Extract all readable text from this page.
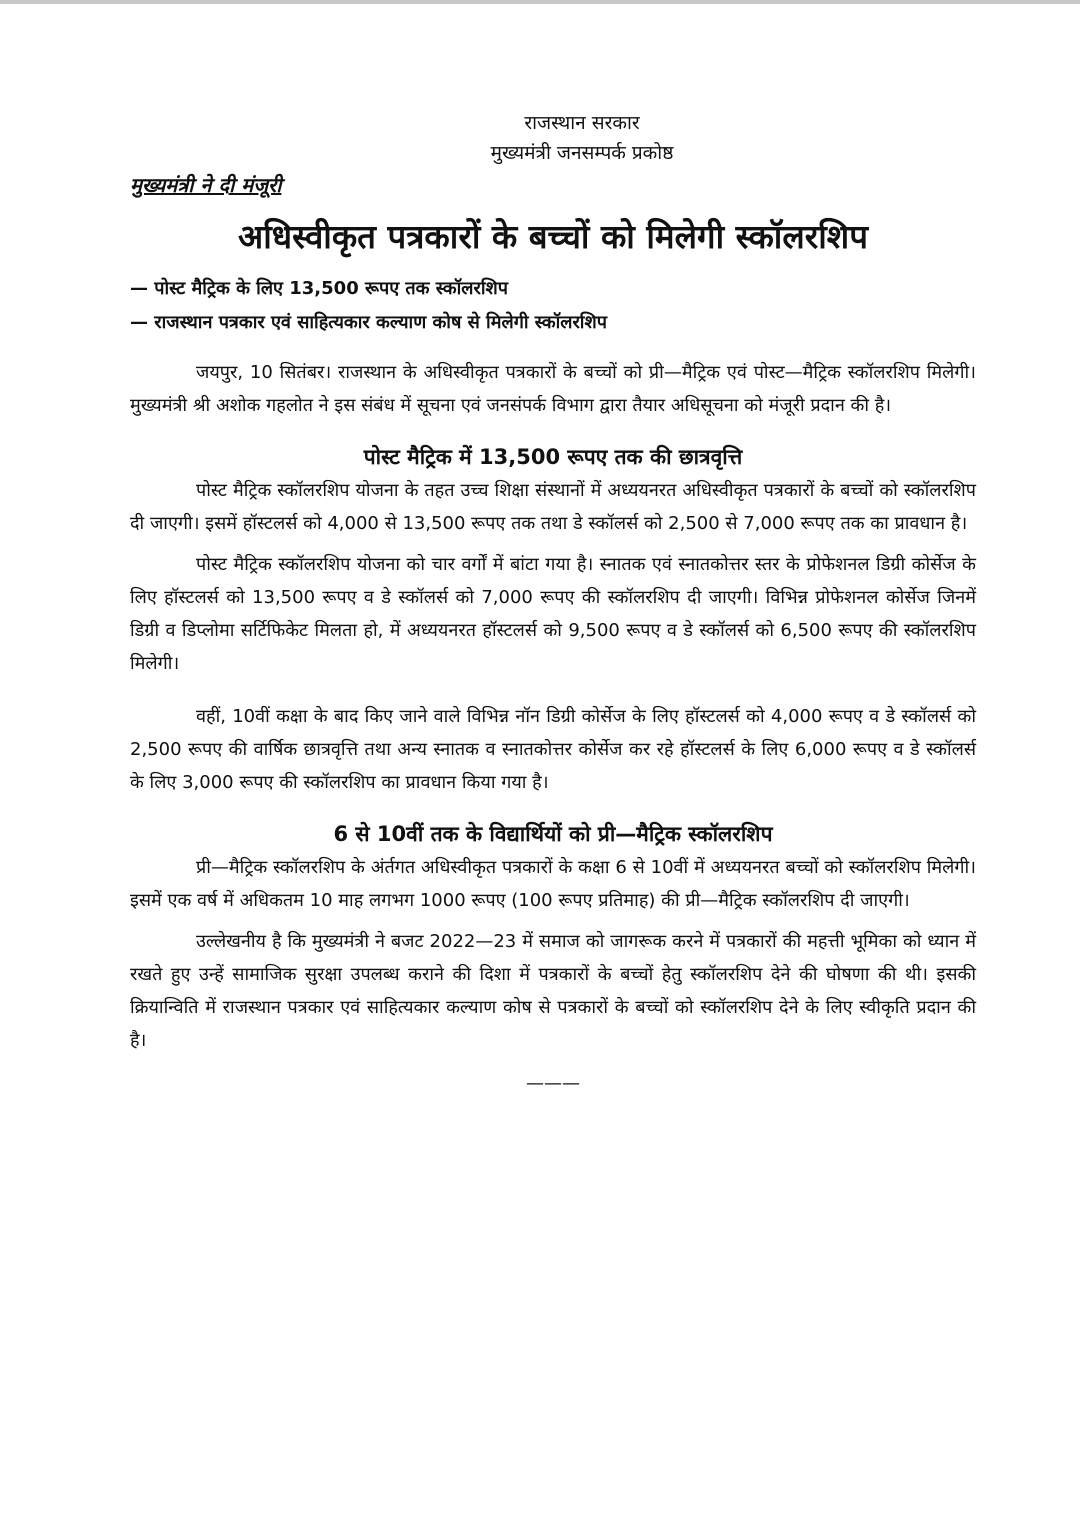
राजस्थान सरकार
मुख्यमंत्री जनसम्पर्क प्रकोष्ठ
मुख्यमंत्री ने दी मंजूरी
अधिस्वीकृत पत्रकारों के बच्चों को मिलेगी स्कॉलरशिप
— पोस्ट मैट्रिक के लिए 13,500 रूपए तक स्कॉलरशिप
— राजस्थान पत्रकार एवं साहित्यकार कल्याण कोष से मिलेगी स्कॉलरशिप

जयपुर, 10 सितंबर। राजस्थान के अधिस्वीकृत पत्रकारों के बच्चों को प्री—मैट्रिक एवं पोस्ट—मैट्रिक स्कॉलरशिप मिलेगी। मुख्यमंत्री श्री अशोक गहलोत ने इस संबंध में सूचना एवं जनसंपर्क विभाग द्वारा तैयार अधिसूचना को मंजूरी प्रदान की है।

पोस्ट मैट्रिक में 13,500 रूपए तक की छात्रवृत्ति

पोस्ट मैट्रिक स्कॉलरशिप योजना के तहत उच्च शिक्षा संस्थानों में अध्ययनरत अधिस्वीकृत पत्रकारों के बच्चों को स्कॉलरशिप दी जाएगी। इसमें हॉस्टलर्स को 4,000 से 13,500 रूपए तक तथा डे स्कॉलर्स को 2,500 से 7,000 रूपए तक का प्रावधान है।

पोस्ट मैट्रिक स्कॉलरशिप योजना को चार वर्गों में बांटा गया है। स्नातक एवं स्नातकोत्तर स्तर के प्रोफेशनल डिग्री कोर्सेज के लिए हॉस्टलर्स को 13,500 रूपए व डे स्कॉलर्स को 7,000 रूपए की स्कॉलरशिप दी जाएगी। विभिन्न प्रोफेशनल कोर्सेज जिनमें डिग्री व डिप्लोमा सर्टिफिकेट मिलता हो, में अध्ययनरत हॉस्टलर्स को 9,500 रूपए व डे स्कॉलर्स को 6,500 रूपए की स्कॉलरशिप मिलेगी।

वहीं, 10वीं कक्षा के बाद किए जाने वाले विभिन्न नॉन डिग्री कोर्सेज के लिए हॉस्टलर्स को 4,000 रूपए व डे स्कॉलर्स को 2,500 रूपए की वार्षिक छात्रवृत्ति तथा अन्य स्नातक व स्नातकोत्तर कोर्सेज कर रहे हॉस्टलर्स के लिए 6,000 रूपए व डे स्कॉलर्स के लिए 3,000 रूपए की स्कॉलरशिप का प्रावधान किया गया है।

6 से 10वीं तक के विद्यार्थियों को प्री—मैट्रिक स्कॉलरशिप

प्री—मैट्रिक स्कॉलरशिप के अंर्तगत अधिस्वीकृत पत्रकारों के कक्षा 6 से 10वीं में अध्ययनरत बच्चों को स्कॉलरशिप मिलेगी। इसमें एक वर्ष में अधिकतम 10 माह लगभग 1000 रूपए (100 रूपए प्रतिमाह) की प्री—मैट्रिक स्कॉलरशिप दी जाएगी।

उल्लेखनीय है कि मुख्यमंत्री ने बजट 2022—23 में समाज को जागरूक करने में पत्रकारों की महत्ती भूमिका को ध्यान में रखते हुए उन्हें सामाजिक सुरक्षा उपलब्ध कराने की दिशा में पत्रकारों के बच्चों हेतु स्कॉलरशिप देने की घोषणा की थी। इसकी क्रियान्विति में राजस्थान पत्रकार एवं साहित्यकार कल्याण कोष से पत्रकारों के बच्चों को स्कॉलरशिप देने के लिए स्वीकृति प्रदान की है।

———
